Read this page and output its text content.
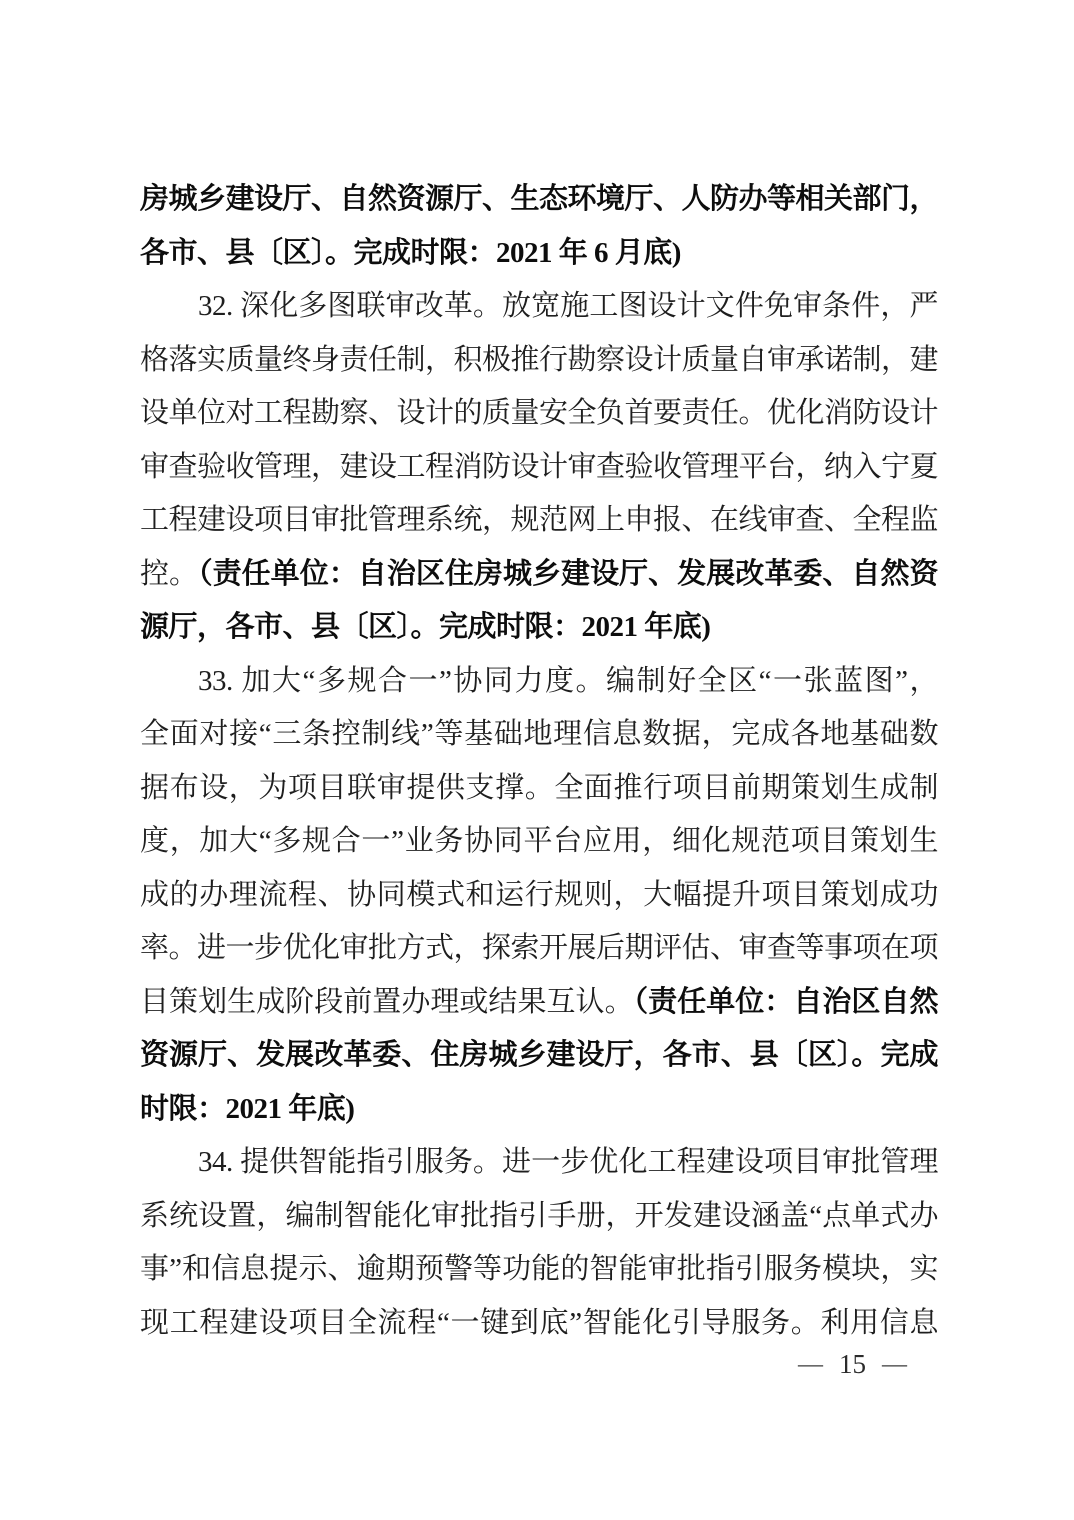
房城乡建设厅、自然资源厅、生态环境厅、人防办等相关部门，
各市、县〔区〕。完成时限：2021 年 6 月底)
32. 深化多图联审改革。放宽施工图设计文件免审条件，严
格落实质量终身责任制，积极推行勘察设计质量自审承诺制，建
设单位对工程勘察、设计的质量安全负首要责任。优化消防设计
审查验收管理，建设工程消防设计审查验收管理平台，纳入宁夏
工程建设项目审批管理系统，规范网上申报、在线审查、全程监
控。（责任单位：自治区住房城乡建设厅、发展改革委、自然资
源厅，各市、县〔区〕。完成时限：2021 年底)
33. 加大“多规合一”协同力度。编制好全区“一张蓝图”，
全面对接“三条控制线”等基础地理信息数据，完成各地基础数
据布设，为项目联审提供支撑。全面推行项目前期策划生成制
度，加大“多规合一”业务协同平台应用，细化规范项目策划生
成的办理流程、协同模式和运行规则，大幅提升项目策划成功
率。进一步优化审批方式，探索开展后期评估、审查等事项在项
目策划生成阶段前置办理或结果互认。（责任单位：自治区自然
资源厅、发展改革委、住房城乡建设厅，各市、县〔区〕。完成
时限：2021 年底)
34. 提供智能指引服务。进一步优化工程建设项目审批管理
系统设置，编制智能化审批指引手册，开发建设涵盖“点单式办
事”和信息提示、逾期预警等功能的智能审批指引服务模块，实
现工程建设项目全流程“一键到底”智能化引导服务。利用信息
— 15 —
